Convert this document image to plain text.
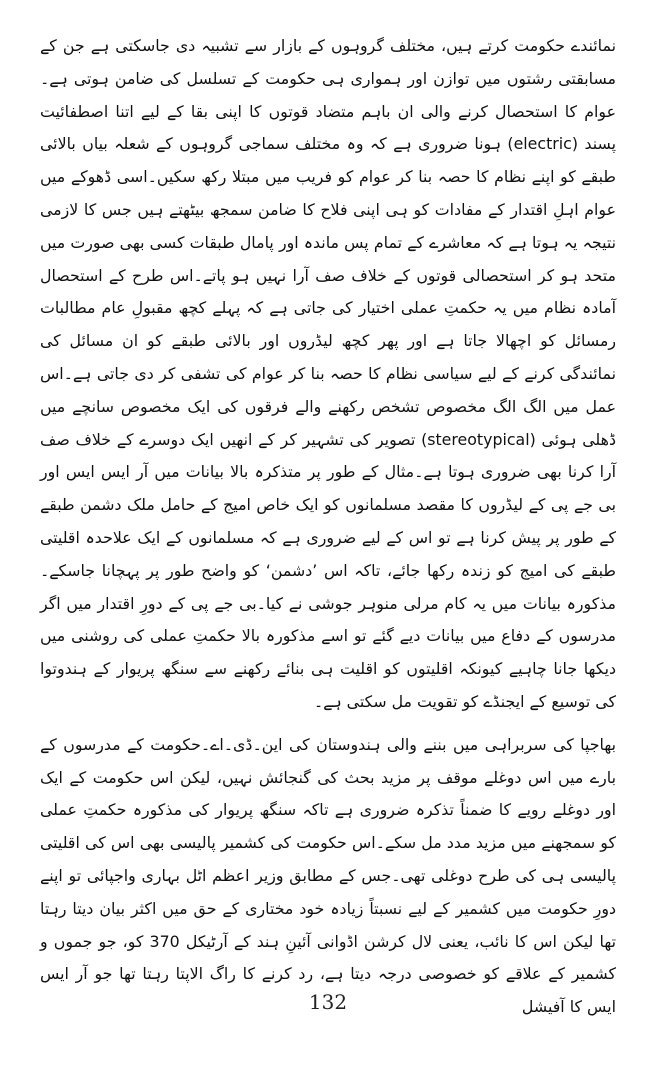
نمائندے حکومت کرتے ہیں، مختلف گروہوں کے بازار سے تشبیہ دی جاسکتی ہے جن کے مسابقتی رشتوں میں توازن اور ہمواری ہی حکومت کے تسلسل کی ضامن ہوتی ہے۔عوام کا استحصال کرنے والی ان باہم متضاد قوتوں کا اپنی بقا کے لیے اتنا اصطفائیت پسند (electric) ہونا ضروری ہے کہ وہ مختلف سماجی گروہوں کے شعلہ بیاں بالائی طبقے کو اپنے نظام کا حصہ بنا کر عوام کو فریب میں مبتلا رکھ سکیں۔اسی ڈھوکے میں عوام اہلِ اقتدار کے مفادات کو ہی اپنی فلاح کا ضامن سمجھ بیٹھتے ہیں جس کا لازمی نتیجہ یہ ہوتا ہے کہ معاشرے کے تمام پس ماندہ اور پامال طبقات کسی بھی صورت میں متحد ہو کر استحصالی قوتوں کے خلاف صف آرا نہیں ہو پاتے۔اس طرح کے استحصال آمادہ نظام میں یہ حکمتِ عملی اختیار کی جاتی ہے کہ پہلے کچھ مقبولِ عام مطالبات رمسائل کو اچھالا جاتا ہے اور پھر کچھ لیڈروں اور بالائی طبقے کو ان مسائل کی نمائندگی کرنے کے لیے سیاسی نظام کا حصہ بنا کر عوام کی تشفی کر دی جاتی ہے۔اس عمل میں الگ الگ مخصوص تشخص رکھنے والے فرقوں کی ایک مخصوص سانچے میں ڈھلی ہوئی (stereotypical) تصویر کی تشہیر کر کے انھیں ایک دوسرے کے خلاف صف آرا کرنا بھی ضروری ہوتا ہے۔مثال کے طور پر متذکرہ بالا بیانات میں آر ایس ایس اور بی جے پی کے لیڈروں کا مقصد مسلمانوں کو ایک خاص امیج کے حامل ملک دشمن طبقے کے طور پر پیش کرنا ہے تو اس کے لیے ضروری ہے کہ مسلمانوں کے ایک علاحدہ اقلیتی طبقے کی امیج کو زندہ رکھا جائے، تاکہ اس ’دشمن‘ کو واضح طور پر پہچانا جاسکے۔مذکورہ بیانات میں یہ کام مرلی منوہر جوشی نے کیا۔بی جے پی کے دورِ اقتدار میں اگر مدرسوں کے دفاع میں بیانات دیے گئے تو اسے مذکورہ بالا حکمتِ عملی کی روشنی میں دیکھا جانا چاہیے کیونکہ اقلیتوں کو اقلیت ہی بنائے رکھنے سے سنگھ پریوار کے ہندوتوا کی توسیع کے ایجنڈے کو تقویت مل سکتی ہے۔

بھاجپا کی سربراہی میں بننے والی ہندوستان کی این۔ڈی۔اے۔حکومت کے مدرسوں کے بارے میں اس دوغلے موقف پر مزید بحث کی گنجائش نہیں، لیکن اس حکومت کے ایک اور دوغلے رویے کا ضمناً تذکرہ ضروری ہے تاکہ سنگھ پریوار کی مذکورہ حکمتِ عملی کو سمجھنے میں مزید مدد مل سکے۔اس حکومت کی کشمیر پالیسی بھی اس کی اقلیتی پالیسی ہی کی طرح دوغلی تھی۔جس کے مطابق وزیر اعظم اٹل بہاری واجپائی تو اپنے دورِ حکومت میں کشمیر کے لیے نسبتاً زیادہ خود مختاری کے حق میں اکثر بیان دیتا رہتا تھا لیکن اس کا نائب، یعنی لال کرشن اڈوانی آئینِ ہند کے آرٹیکل 370 کو، جو جموں و کشمیر کے علاقے کو خصوصی درجہ دیتا ہے، رد کرنے کا راگ الاپتا رہتا تھا جو آر ایس ایس کا آفیشل

132
